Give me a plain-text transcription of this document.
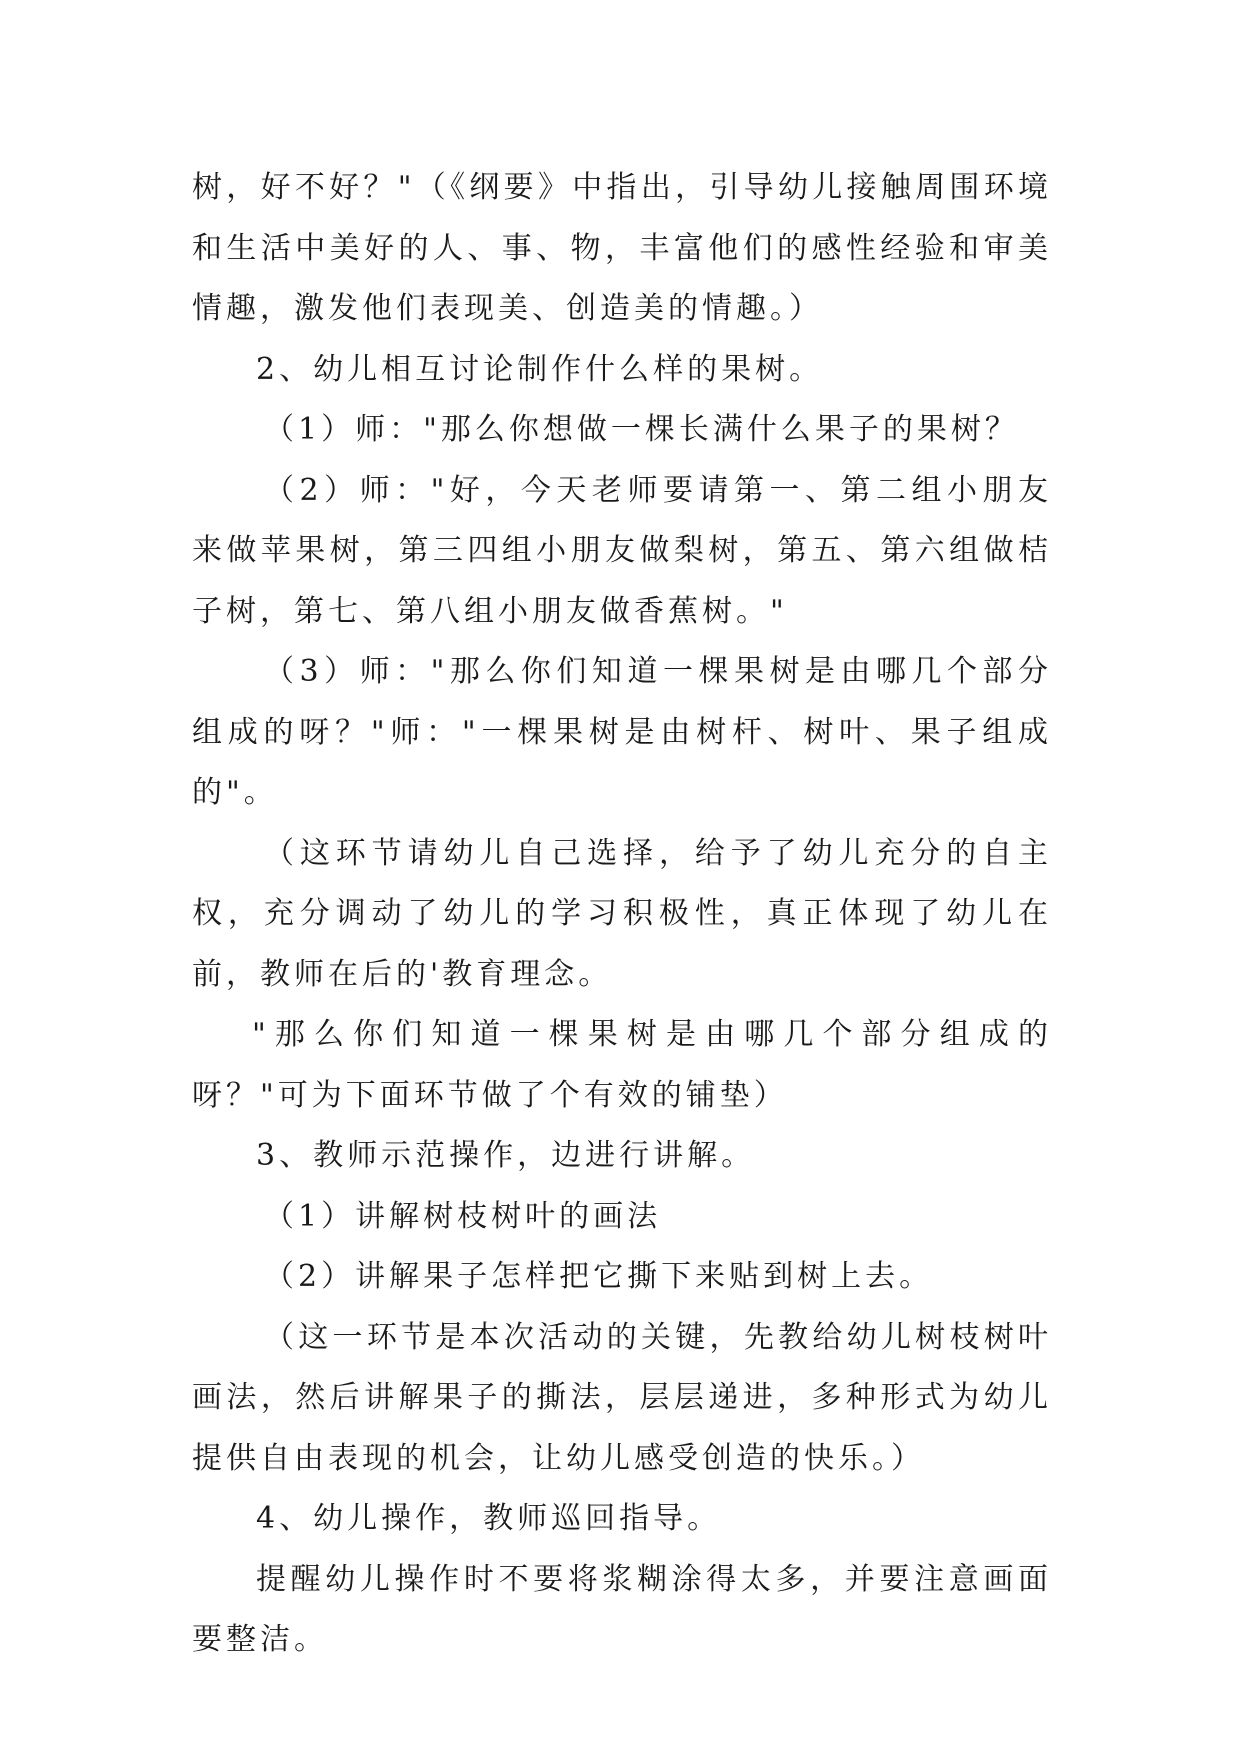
树，好不好？"（《纲要》中指出，引导幼儿接触周围环境和生活中美好的人、事、物，丰富他们的感性经验和审美情趣，激发他们表现美、创造美的情趣。）

2、幼儿相互讨论制作什么样的果树。

（1）师："那么你想做一棵长满什么果子的果树？

（2）师："好，今天老师要请第一、第二组小朋友来做苹果树，第三四组小朋友做梨树，第五、第六组做桔子树，第七、第八组小朋友做香蕉树。"

（3）师："那么你们知道一棵果树是由哪几个部分组成的呀？"师："一棵果树是由树杆、树叶、果子组成的"。

（这环节请幼儿自己选择，给予了幼儿充分的自主权，充分调动了幼儿的学习积极性，真正体现了幼儿在前，教师在后的'教育理念。

"那么你们知道一棵果树是由哪几个部分组成的呀？"可为下面环节做了个有效的铺垫）

3、教师示范操作，边进行讲解。

（1）讲解树枝树叶的画法

（2）讲解果子怎样把它撕下来贴到树上去。

（这一环节是本次活动的关键，先教给幼儿树枝树叶画法，然后讲解果子的撕法，层层递进，多种形式为幼儿提供自由表现的机会，让幼儿感受创造的快乐。）

4、幼儿操作，教师巡回指导。

提醒幼儿操作时不要将浆糊涂得太多，并要注意画面要整洁。
